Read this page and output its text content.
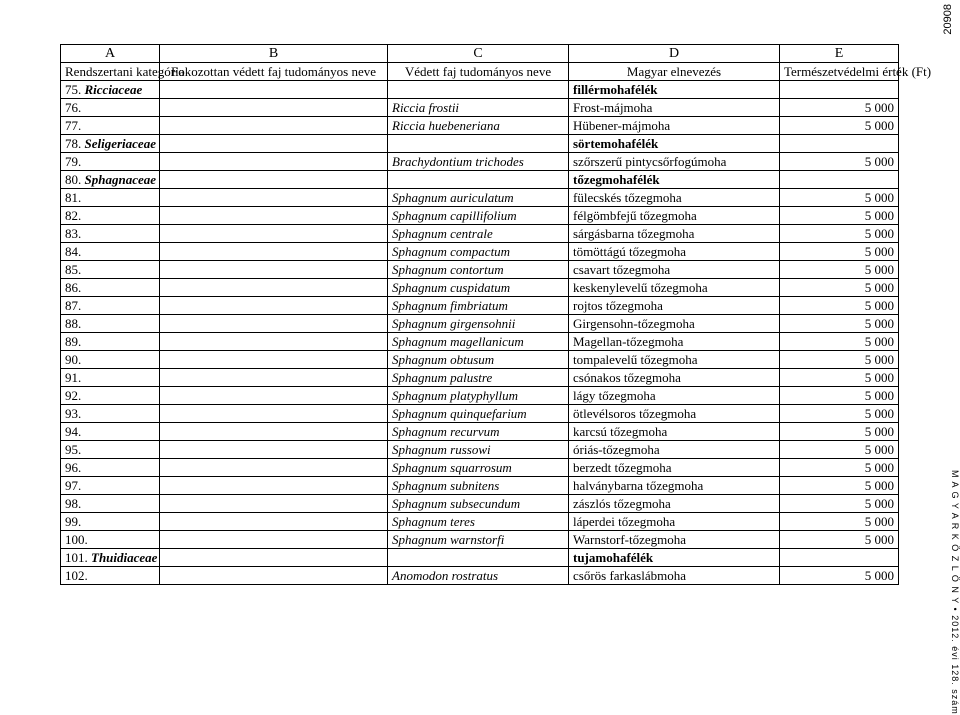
20908
M A G Y A R K Ö Z L Ö N Y • 2012. évi 128. szám
A	B	C	D	E
Rendszertani kategória	Fokozottan védett faj tudományos neve	Védett faj tudományos neve	Magyar elnevezés	Természetvédelmi érték (Ft)
75. Ricciaceae			fillérmohafélék	
76.		Riccia frostii	Frost-májmoha	5 000
77.		Riccia huebeneriana	Hübener-májmoha	5 000
78. Seligeriaceae			sörtemohafélék	
79.		Brachydontium trichodes	szőrszerű pintycsőrfogúmoha	5 000
80. Sphagnaceae			tőzegmohafélék	
81.		Sphagnum auriculatum	fülecskés tőzegmoha	5 000
82.		Sphagnum capillifolium	félgömbfejű tőzegmoha	5 000
83.		Sphagnum centrale	sárgásbarna tőzegmoha	5 000
84.		Sphagnum compactum	tömöttágú tőzegmoha	5 000
85.		Sphagnum contortum	csavart tőzegmoha	5 000
86.		Sphagnum cuspidatum	keskenylevelű tőzegmoha	5 000
87.		Sphagnum fimbriatum	rojtos tőzegmoha	5 000
88.		Sphagnum girgensohnii	Girgensohn-tőzegmoha	5 000
89.		Sphagnum magellanicum	Magellan-tőzegmoha	5 000
90.		Sphagnum obtusum	tompalevelű tőzegmoha	5 000
91.		Sphagnum palustre	csónakos tőzegmoha	5 000
92.		Sphagnum platyphyllum	lágy tőzegmoha	5 000
93.		Sphagnum quinquefarium	ötlevélsoros tőzegmoha	5 000
94.		Sphagnum recurvum	karcsú tőzegmoha	5 000
95.		Sphagnum russowi	óriás-tőzegmoha	5 000
96.		Sphagnum squarrosum	berzedt tőzegmoha	5 000
97.		Sphagnum subnitens	halványbarna tőzegmoha	5 000
98.		Sphagnum subsecundum	zászlós tőzegmoha	5 000
99.		Sphagnum teres	láperdei tőzegmoha	5 000
100.		Sphagnum warnstorfi	Warnstorf-tőzegmoha	5 000
101. Thuidiaceae			tujamohafélék	
102.		Anomodon rostratus	csőrös farkaslábmoha	5 000
